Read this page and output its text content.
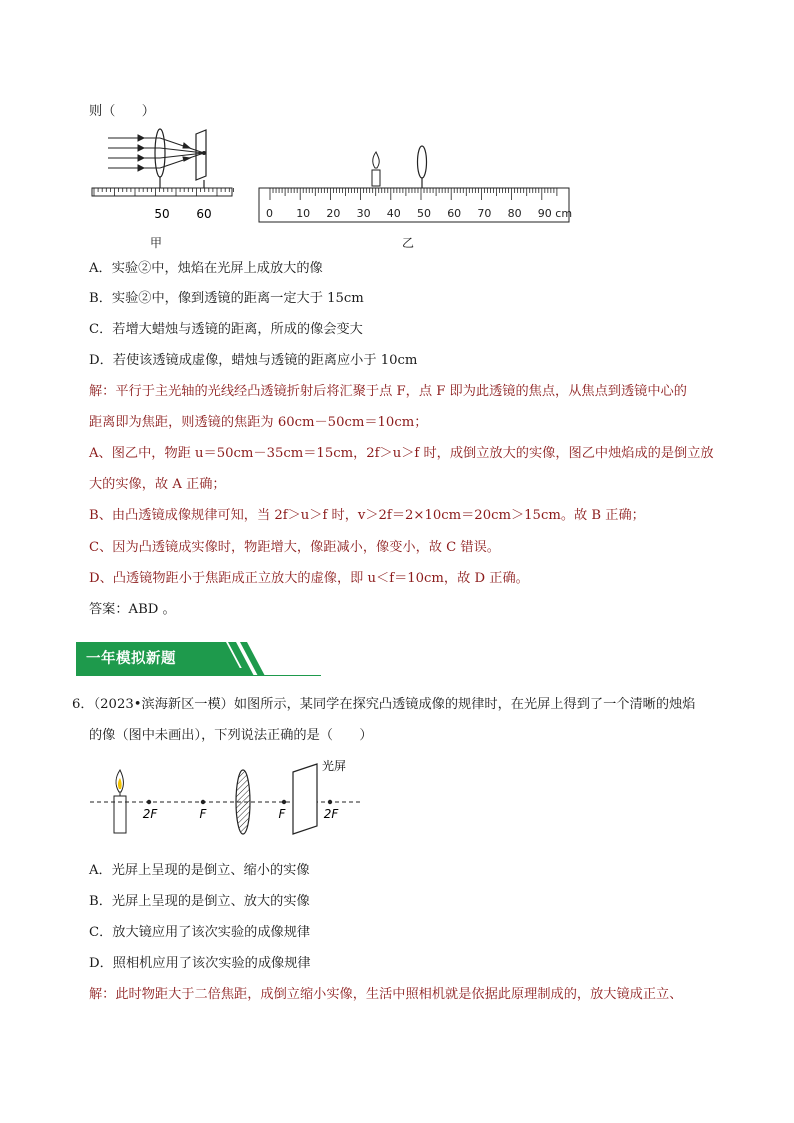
则（　　）
50 60
甲
0 10 20 30 40 50 60 70 80 90 cm
乙
A．实验②中，烛焰在光屏上成放大的像
B．实验②中，像到透镜的距离一定大于 15cm
C．若增大蜡烛与透镜的距离，所成的像会变大
D．若使该透镜成虚像，蜡烛与透镜的距离应小于 10cm
解：平行于主光轴的光线经凸透镜折射后将汇聚于点 F，点 F 即为此透镜的焦点，从焦点到透镜中心的
距离即为焦距，则透镜的焦距为 60cm－50cm＝10cm；
A、图乙中，物距 u＝50cm－35cm＝15cm，2f＞u＞f 时，成倒立放大的实像，图乙中烛焰成的是倒立放
大的实像，故 A 正确；
B、由凸透镜成像规律可知，当 2f＞u＞f 时，v＞2f＝2×10cm＝20cm＞15cm。故 B 正确；
C、因为凸透镜成实像时，物距增大，像距减小，像变小，故 C 错误。
D、凸透镜物距小于焦距成正立放大的虚像，即 u＜f＝10cm，故 D 正确。
答案：ABD 。
一年模拟新题
6．（2023•滨海新区一模）如图所示，某同学在探究凸透镜成像的规律时，在光屏上得到了一个清晰的烛焰
的像（图中未画出），下列说法正确的是（　　）
2F	F	F	2F
光屏
A．光屏上呈现的是倒立、缩小的实像
B．光屏上呈现的是倒立、放大的实像
C．放大镜应用了该次实验的成像规律
D．照相机应用了该次实验的成像规律
解：此时物距大于二倍焦距，成倒立缩小实像，生活中照相机就是依据此原理制成的，放大镜成正立、
